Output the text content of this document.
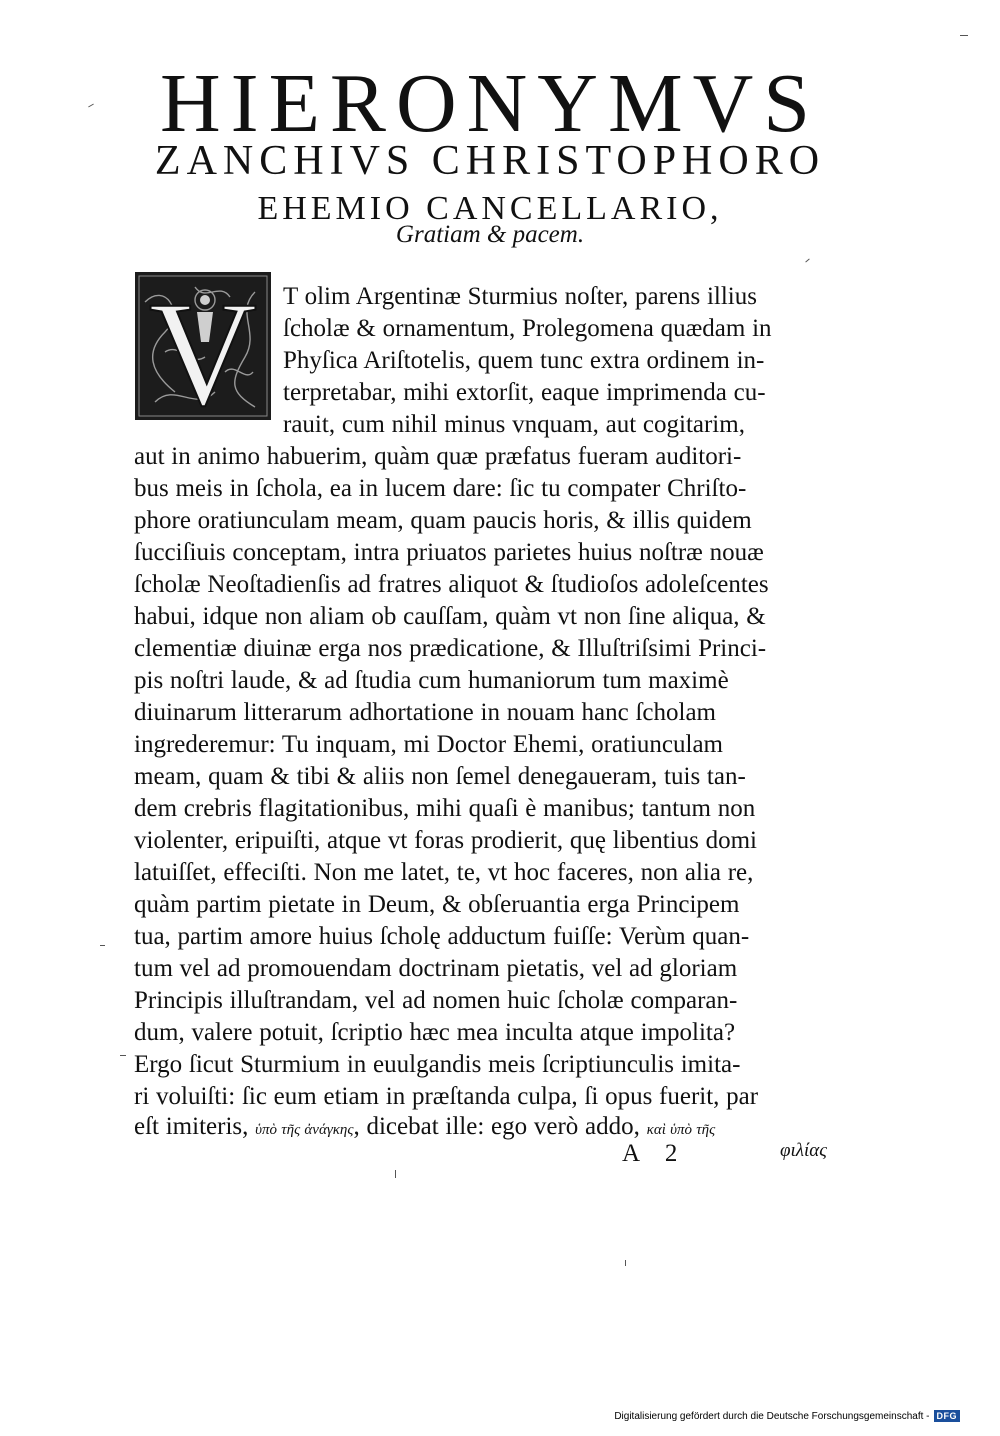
HIERONYMVS
ZANCHIVS CHRISTOPHORO
EHEMIO CANCELLARIO,
Gratiam & pacem.
V T olim Argentinæ Sturmius noſter, parens illius
ſcholæ & ornamentum, Prolegomena quædam in
Phyſica Ariſtotelis, quem tunc extra ordinem in-
terpretabar, mihi extorſit, eaque imprimenda cu-
rauit, cum nihil minus vnquam, aut cogitarim,
aut in animo habuerim, quàm quæ præfatus fueram auditori-
bus meis in ſchola, ea in lucem dare: ſic tu compater Chriſto-
phore oratiunculam meam, quam paucis horis, & illis quidem
ſucciſiuis conceptam, intra priuatos parietes huius noſtræ nouæ
ſcholæ Neoſtadienſis ad fratres aliquot & ſtudioſos adoleſcentes
habui, idque non aliam ob cauſſam, quàm vt non ſine aliqua, &
clementiæ diuinæ erga nos prædicatione, & Illuſtriſsimi Princi-
pis noſtri laude, & ad ſtudia cum humaniorum tum maximè
diuinarum litterarum adhortatione in nouam hanc ſcholam
ingrederemur: Tu inquam, mi Doctor Ehemi, oratiunculam
meam, quam & tibi & aliis non ſemel denegaueram, tuis tan-
dem crebris flagitationibus, mihi quaſi è manibus; tantum non
violenter, eripuiſti, atque vt foras prodierit, quę libentius domi
latuiſſet, effeciſti. Non me latet, te, vt hoc faceres, non alia re,
quàm partim pietate in Deum, & obſeruantia erga Principem
tua, partim amore huius ſcholę adductum fuiſſe: Verùm quan-
tum vel ad promouendam doctrinam pietatis, vel ad gloriam
Principis illuſtrandam, vel ad nomen huic ſcholæ comparan-
dum, valere potuit, ſcriptio hæc mea inculta atque impolita?
Ergo ſicut Sturmium in euulgandis meis ſcriptiunculis imita-
ri voluiſti: ſic eum etiam in præſtanda culpa, ſi opus fuerit, par
eſt imiteris, ὑπὸ τῆς ἀνάγκης, dicebat ille: ego verò addo, καὶ ὑπὸ τῆς
A 2	φιλίας
Digitalisierung gefördert durch die Deutsche Forschungsgemeinschaft - DFG
